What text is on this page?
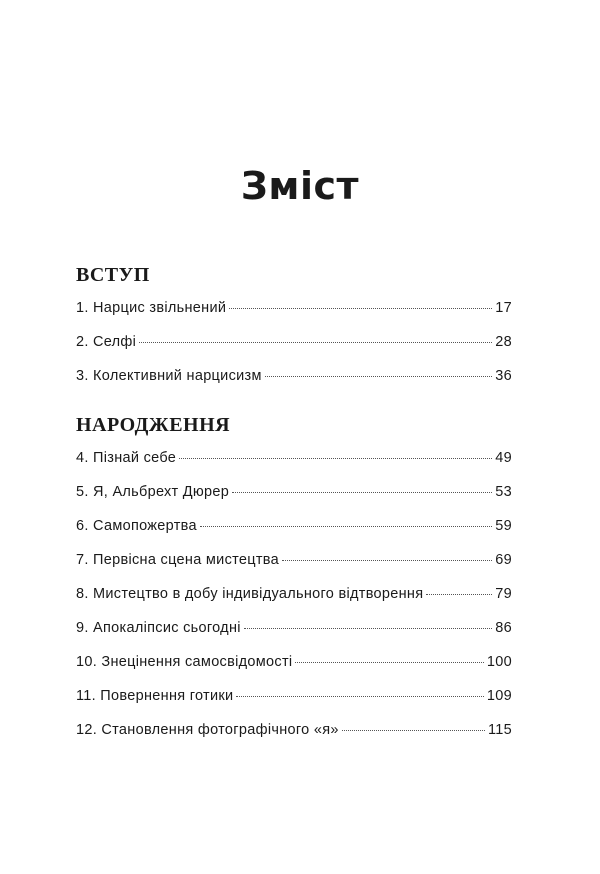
Зміст
ВСТУП
1. Нарцис звільнений	17
2. Селфі	28
3. Колективний нарцисизм	36
НАРОДЖЕННЯ
4. Пізнай себе	49
5. Я, Альбрехт Дюрер	53
6. Самопожертва	59
7. Первісна сцена мистецтва	69
8. Мистецтво в добу індивідуального відтворення	79
9. Апокаліпсис сьогодні	86
10. Знецінення самосвідомості	100
11. Повернення готики	109
12. Становлення фотографічного «я»	115
